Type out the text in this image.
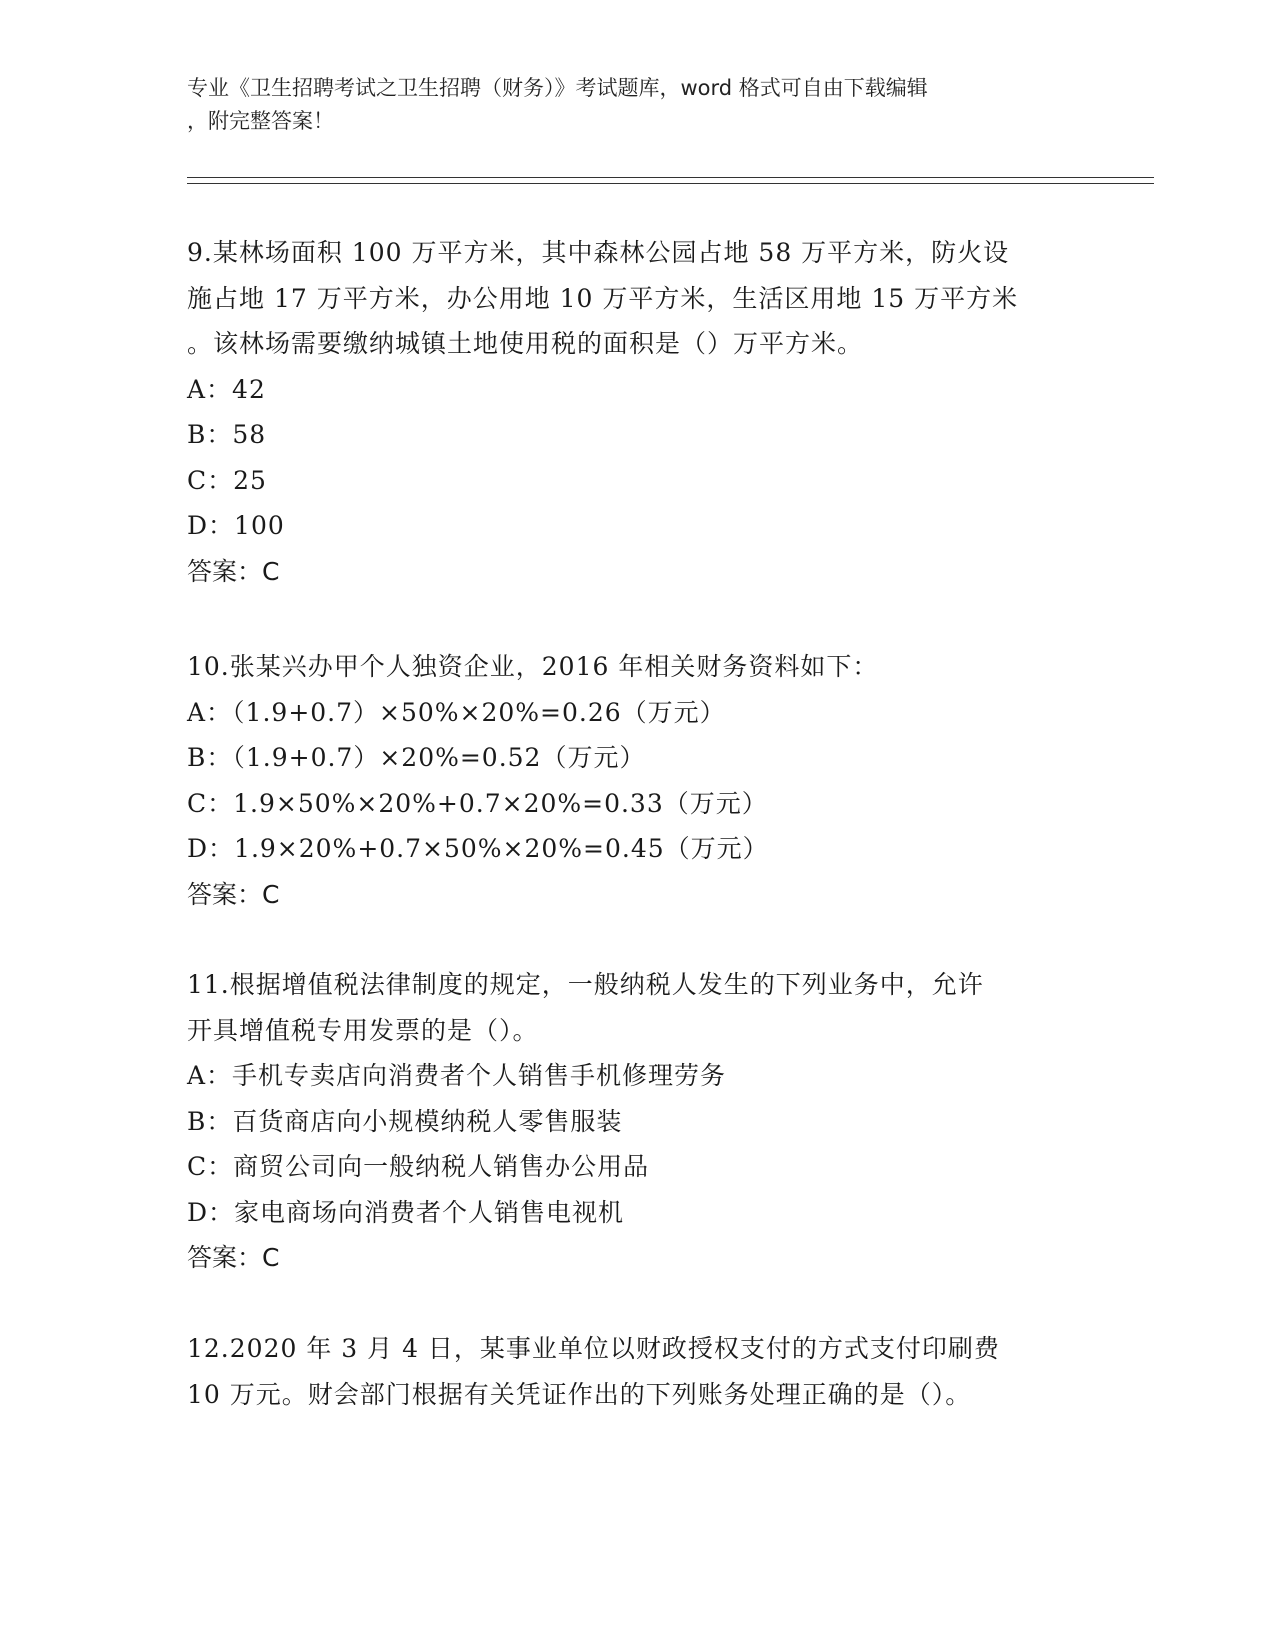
专业《卫生招聘考试之卫生招聘（财务）》考试题库，word 格式可自由下载编辑
，附完整答案！
9.某林场面积 100 万平方米，其中森林公园占地 58 万平方米，防火设
施占地 17 万平方米，办公用地 10 万平方米，生活区用地 15 万平方米
。该林场需要缴纳城镇土地使用税的面积是（）万平方米。
A：42
B：58
C：25
D：100
答案：C
10.张某兴办甲个人独资企业，2016 年相关财务资料如下：
A：（1.9+0.7）×50%×20%=0.26（万元）
B：（1.9+0.7）×20%=0.52（万元）
C：1.9×50%×20%+0.7×20%=0.33（万元）
D：1.9×20%+0.7×50%×20%=0.45（万元）
答案：C
11.根据增值税法律制度的规定，一般纳税人发生的下列业务中，允许
开具增值税专用发票的是（）。
A：手机专卖店向消费者个人销售手机修理劳务
B：百货商店向小规模纳税人零售服装
C：商贸公司向一般纳税人销售办公用品
D：家电商场向消费者个人销售电视机
答案：C
12.2020 年 3 月 4 日，某事业单位以财政授权支付的方式支付印刷费
10 万元。财会部门根据有关凭证作出的下列账务处理正确的是（）。
